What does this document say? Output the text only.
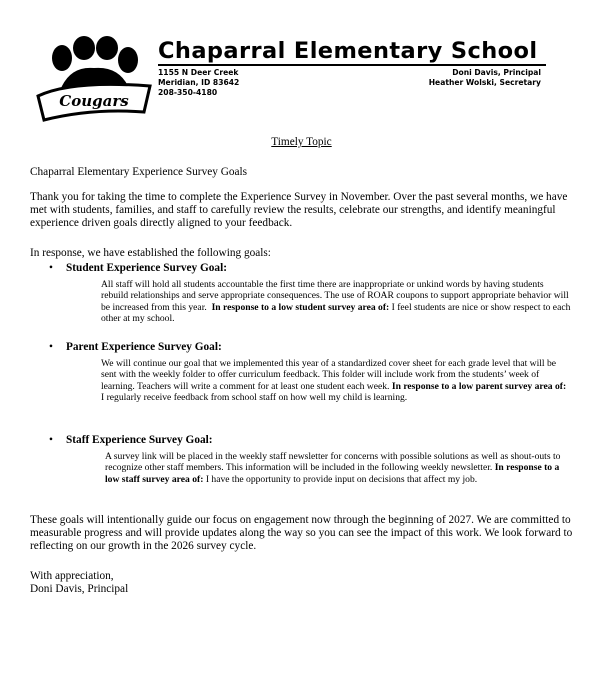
Cougars
Chaparral Elementary School
1155 N Deer Creek
Meridian, ID 83642
208-350-4180
Doni Davis, Principal
Heather Wolski, Secretary
Timely Topic
Chaparral Elementary Experience Survey Goals
Thank you for taking the time to complete the Experience Survey in November. Over the past several months, we have met with students, families, and staff to carefully review the results, celebrate our strengths, and identify meaningful experience driven goals directly aligned to your feedback.
In response, we have established the following goals:
• Student Experience Survey Goal:
All staff will hold all students accountable the first time there are inappropriate or unkind words by having students rebuild relationships and serve appropriate consequences. The use of ROAR coupons to support appropriate behavior will be increased from this year. In response to a low student survey area of: I feel students are nice or show respect to each other at my school.
• Parent Experience Survey Goal:
We will continue our goal that we implemented this year of a standardized cover sheet for each grade level that will be sent with the weekly folder to offer curriculum feedback. This folder will include work from the students’ week of learning. Teachers will write a comment for at least one student each week. In response to a low parent survey area of: I regularly receive feedback from school staff on how well my child is learning.
• Staff Experience Survey Goal:
A survey link will be placed in the weekly staff newsletter for concerns with possible solutions as well as shout-outs to recognize other staff members. This information will be included in the following weekly newsletter. In response to a low staff survey area of: I have the opportunity to provide input on decisions that affect my job.
These goals will intentionally guide our focus on engagement now through the beginning of 2027. We are committed to measurable progress and will provide updates along the way so you can see the impact of this work. We look forward to reflecting on our growth in the 2026 survey cycle.
With appreciation,
Doni Davis, Principal
